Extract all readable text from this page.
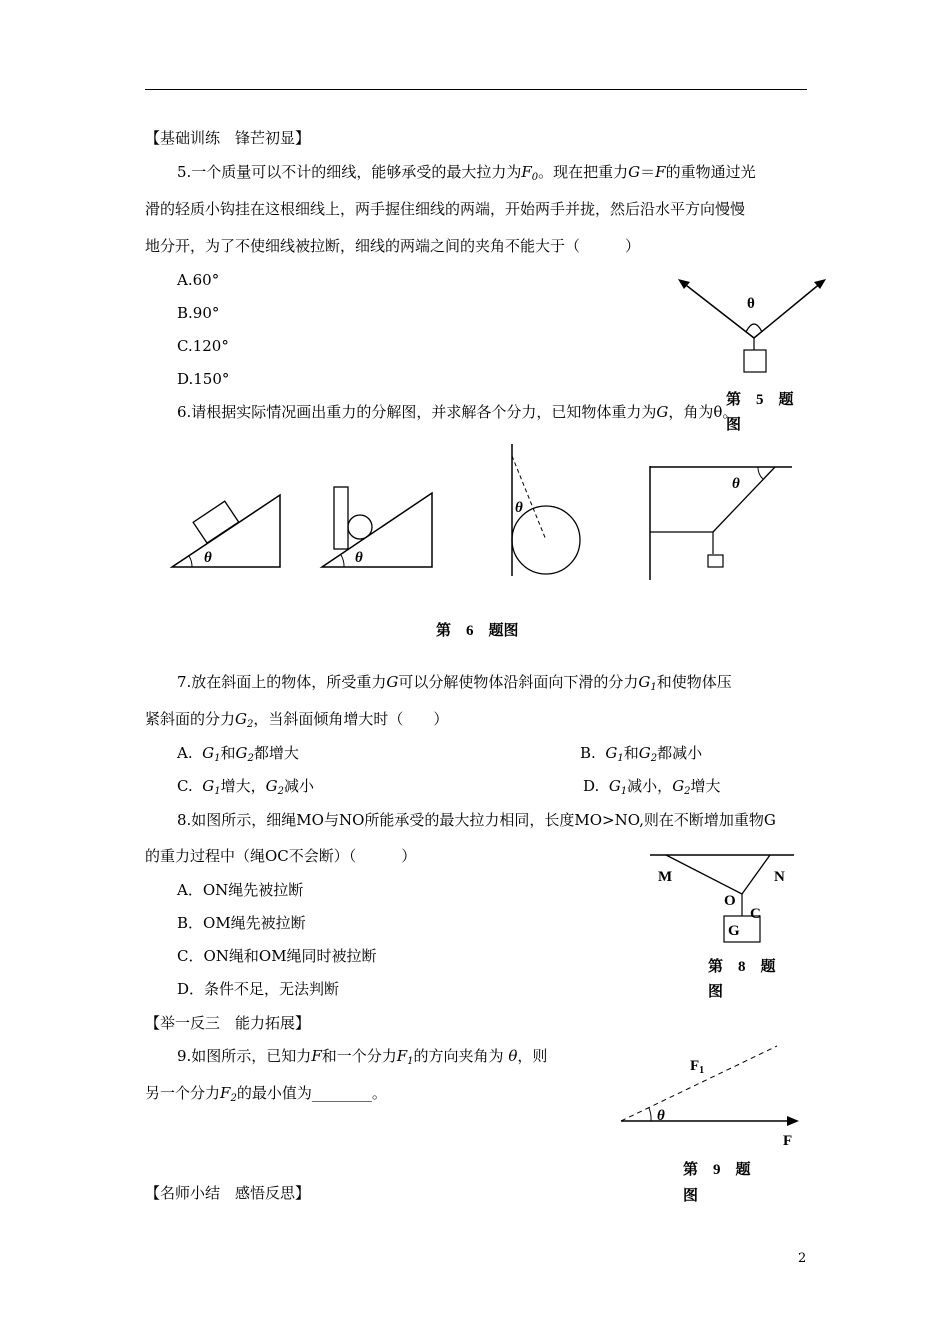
【基础训练　锋芒初显】
5.一个质量可以不计的细线，能够承受的最大拉力为$F_0$。现在把重力G＝F的重物通过光
滑的轻质小钩挂在这根细线上，两手握住细线的两端，开始两手并拢，然后沿水平方向慢慢
地分开，为了不使细线被拉断，细线的两端之间的夹角不能大于（　　　）
A.60°
B.90°
C.120°
D.150°
θ
第　5　题
图
6.请根据实际情况画出重力的分解图，并求解各个分力，已知物体重力为G，角为θ。
θ	θ
θ
θ
第　6　题图
7.放在斜面上的物体，所受重力G可以分解使物体沿斜面向下滑的分力$G_1$和使物体压
紧斜面的分力$G_2$，当斜面倾角增大时（　　）
A. $G_1$和$G_2$都增大	B. $G_1$和$G_2$都减小
C. $G_1$增大，$G_2$减小	D. $G_1$减小，$G_2$增大
8.如图所示，细绳MO与NO所能承受的最大拉力相同，长度MO>NO,则在不断增加重物G
的重力过程中（绳OC不会断）（　　　）
A．ON绳先被拉断
B．OM绳先被拉断
C．ON绳和OM绳同时被拉断
D．条件不足，无法判断
M	N
O
C
G
第　8　题
图
【举一反三　能力拓展】
9.如图所示，已知力F和一个分力$F_1$的方向夹角为 θ，则
另一个分力$F_2$的最小值为________。
$F_1$
θ
F
第　9　题
图
【名师小结　感悟反思】
2
